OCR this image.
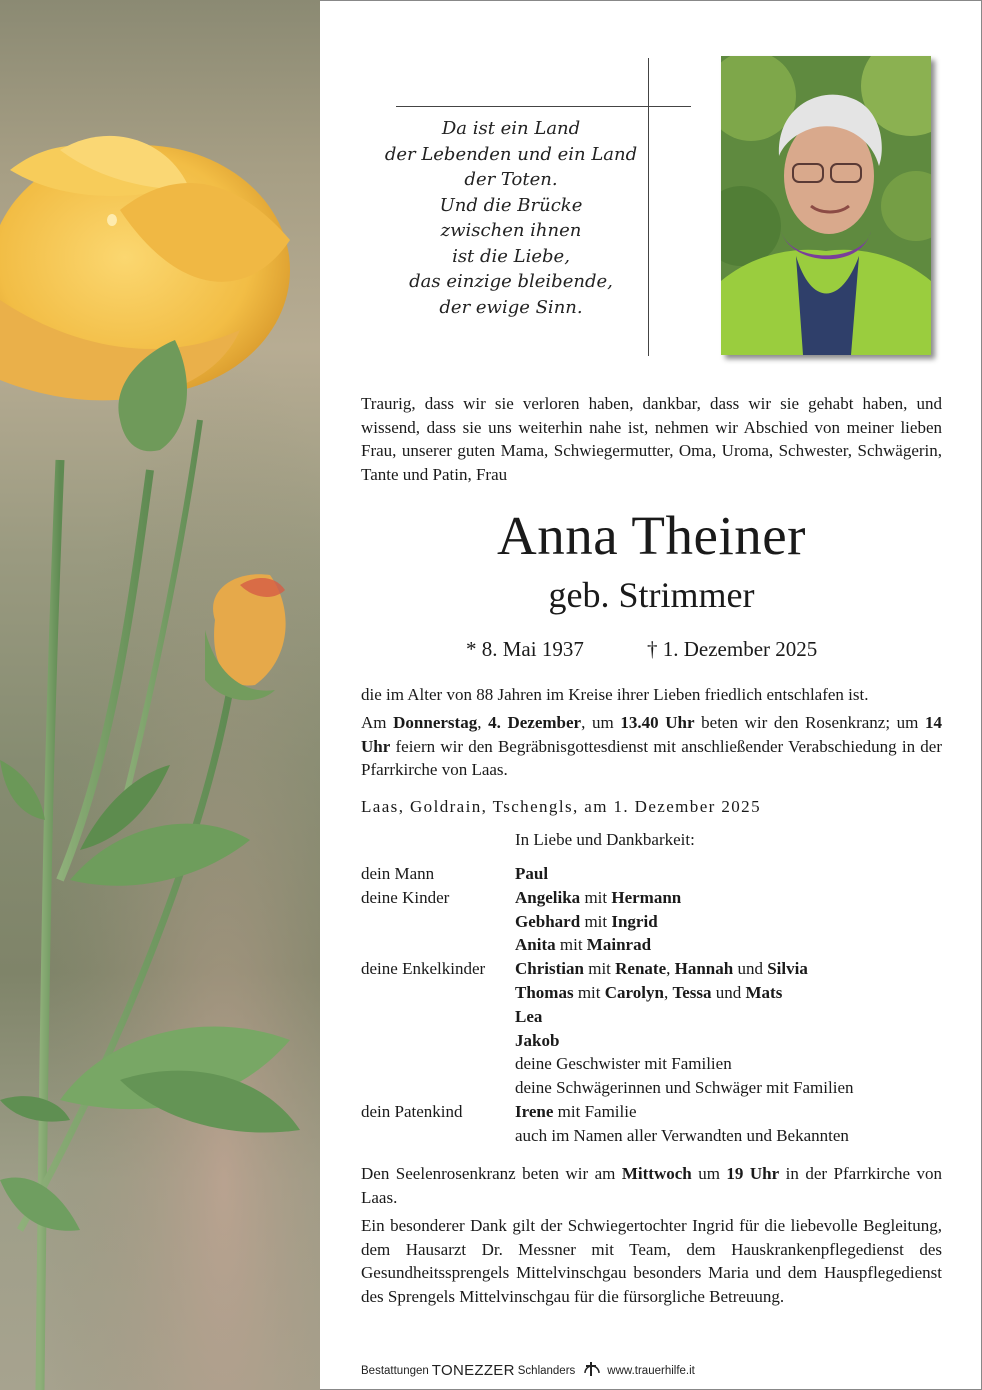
Da ist ein Land
der Lebenden und ein Land
der Toten.
Und die Brücke
zwischen ihnen
ist die Liebe,
das einzige bleibende,
der ewige Sinn.

Traurig, dass wir sie verloren haben, dankbar, dass wir sie gehabt haben, und wissend, dass sie uns weiterhin nahe ist, nehmen wir Abschied von meiner lieben Frau, unserer guten Mama, Schwiegermutter, Oma, Uroma, Schwester, Schwägerin, Tante und Patin, Frau

Anna Theiner
geb. Strimmer
* 8. Mai 1937	† 1. Dezember 2025

die im Alter von 88 Jahren im Kreise ihrer Lieben friedlich entschlafen ist.

Am Donnerstag, 4. Dezember, um 13.40 Uhr beten wir den Rosenkranz; um 14 Uhr feiern wir den Begräbnisgottesdienst mit anschließender Verabschiedung in der Pfarrkirche von Laas.

Laas, Goldrain, Tschengls, am 1. Dezember 2025
In Liebe und Dankbarkeit:
dein Mann	Paul
deine Kinder	Angelika mit Hermann
Gebhard mit Ingrid
Anita mit Mainrad
deine Enkelkinder	Christian mit Renate, Hannah und Silvia
Thomas mit Carolyn, Tessa und Mats
Lea
Jakob
deine Geschwister mit Familien
deine Schwägerinnen und Schwäger mit Familien
dein Patenkind	Irene mit Familie
auch im Namen aller Verwandten und Bekannten

Den Seelenrosenkranz beten wir am Mittwoch um 19 Uhr in der Pfarrkirche von Laas.

Ein besonderer Dank gilt der Schwiegertochter Ingrid für die liebevolle Begleitung, dem Hausarzt Dr. Messner mit Team, dem Hauskrankenpflegedienst des Gesundheitssprengels Mittelvinschgau besonders Maria und dem Hauspflegedienst des Sprengels Mittelvinschgau für die fürsorgliche Betreuung.

Bestattungen TONEZZER Schlanders	www.trauerhilfe.it
